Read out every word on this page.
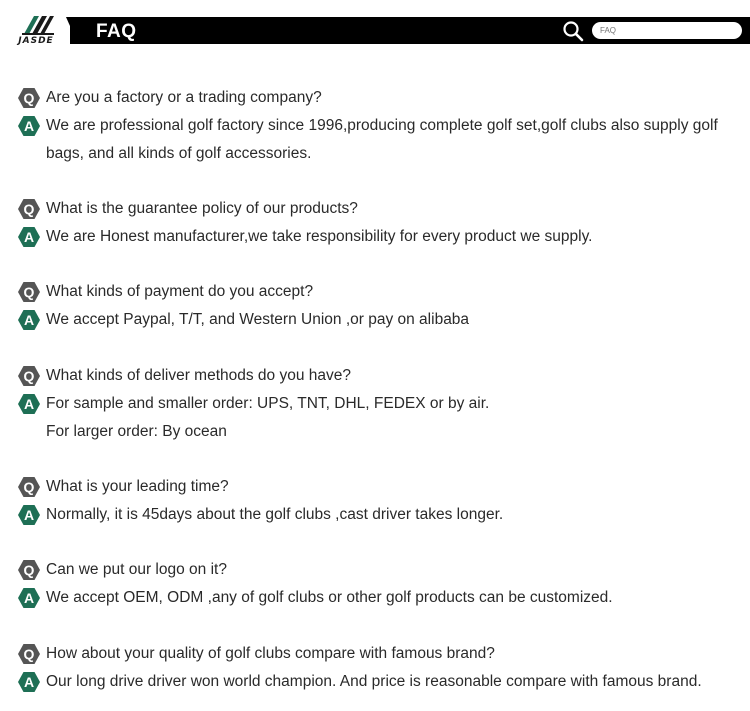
JASDE	FAQ
FAQ
Q Are you a factory or a trading company?
A We are professional golf factory since 1996,producing complete golf set,golf clubs also supply golf bags, and all kinds of golf accessories.
Q What is the guarantee policy of our products?
A We are Honest manufacturer,we take responsibility for every product we supply.
Q What kinds of payment do you accept?
A We accept Paypal, T/T, and Western Union ,or pay on alibaba
Q What kinds of deliver methods do you have?
A For sample and smaller order: UPS, TNT, DHL, FEDEX or by air.
For larger order: By ocean
Q What is your leading time?
A Normally, it is 45days about the golf clubs ,cast driver takes longer.
Q Can we put our logo on it?
A We accept OEM, ODM ,any of golf clubs or other golf products can be customized.
Q How about your quality of golf clubs compare with famous brand?
A Our long drive driver won world champion. And price is reasonable compare with famous brand.
